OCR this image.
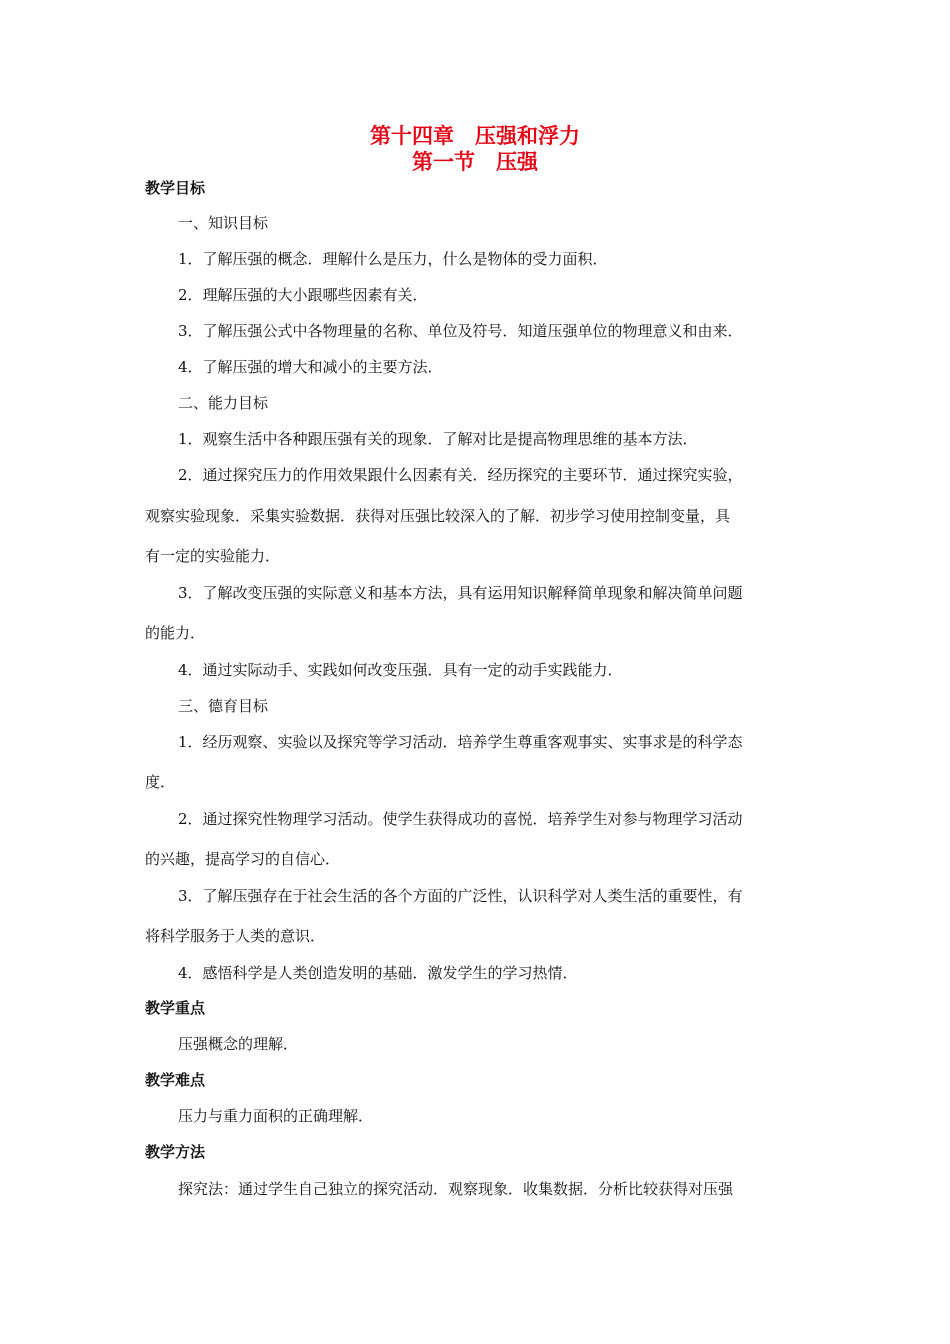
第十四章　压强和浮力
第一节　压强
教学目标
一、知识目标
1．了解压强的概念．理解什么是压力，什么是物体的受力面积．
2．理解压强的大小跟哪些因素有关．
3．了解压强公式中各物理量的名称、单位及符号．知道压强单位的物理意义和由来．
4．了解压强的增大和减小的主要方法．
二、能力目标
1．观察生活中各种跟压强有关的现象．了解对比是提高物理思维的基本方法．
2．通过探究压力的作用效果跟什么因素有关．经历探究的主要环节．通过探究实验，
观察实验现象．采集实验数据．获得对压强比较深入的了解．初步学习使用控制变量，具
有一定的实验能力．
3．了解改变压强的实际意义和基本方法，具有运用知识解释简单现象和解决简单问题
的能力．
4．通过实际动手、实践如何改变压强．具有一定的动手实践能力．
三、德育目标
1．经历观察、实验以及探究等学习活动．培养学生尊重客观事实、实事求是的科学态
度．
2．通过探究性物理学习活动。使学生获得成功的喜悦．培养学生对参与物理学习活动
的兴趣，提高学习的自信心．
3．了解压强存在于社会生活的各个方面的广泛性，认识科学对人类生活的重要性，有
将科学服务于人类的意识．
4．感悟科学是人类创造发明的基础．激发学生的学习热情．
教学重点
压强概念的理解．
教学难点
压力与重力面积的正确理解．
教学方法
探究法：通过学生自己独立的探究活动．观察现象．收集数据．分析比较获得对压强
